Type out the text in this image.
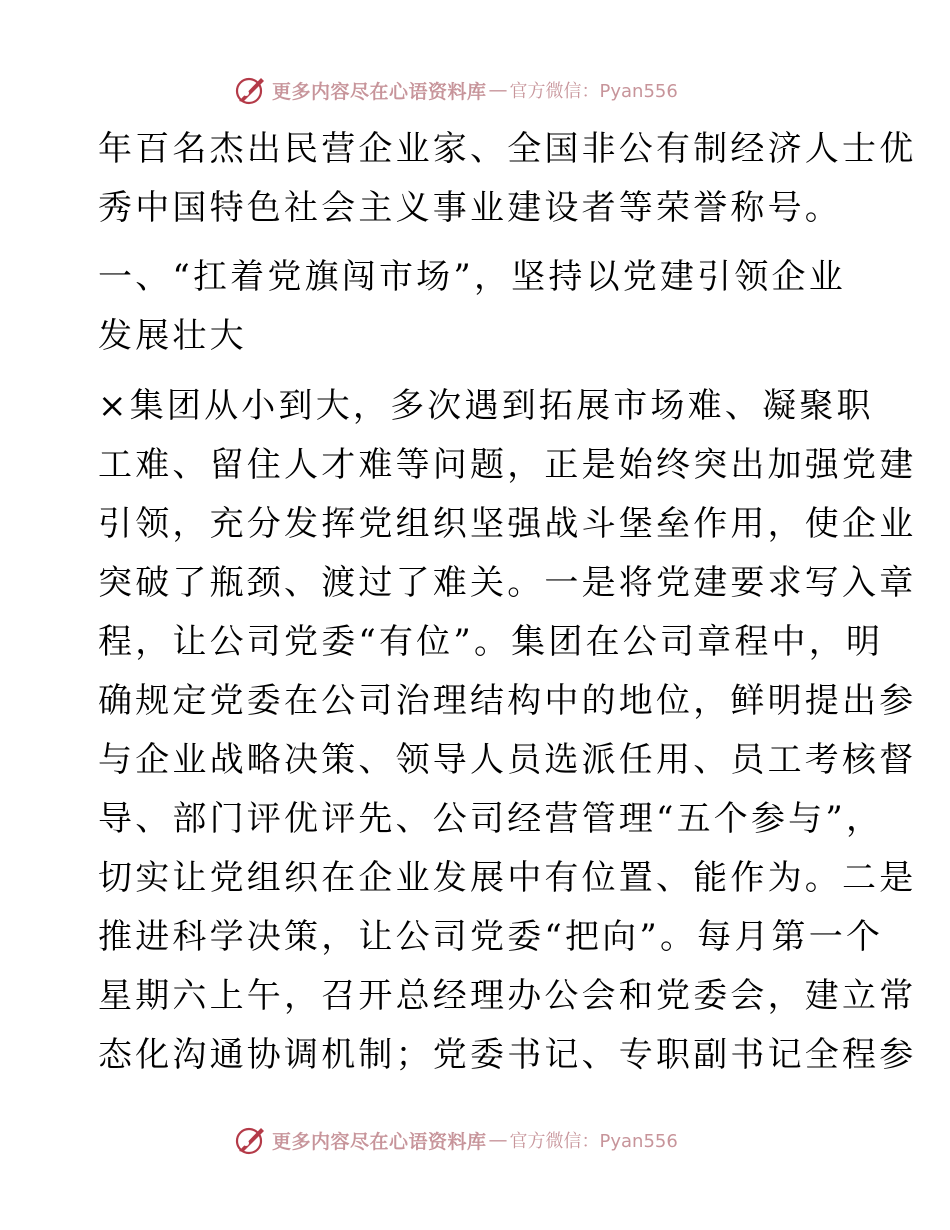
更多内容尽在心语资料库 — 官方微信：Pyan556

年百名杰出民营企业家、全国非公有制经济人士优
秀中国特色社会主义事业建设者等荣誉称号。

一、“扛着党旗闯市场”，坚持以党建引领企业
发展壮大

×集团从小到大，多次遇到拓展市场难、凝聚职
工难、留住人才难等问题，正是始终突出加强党建
引领，充分发挥党组织坚强战斗堡垒作用，使企业
突破了瓶颈、渡过了难关。一是将党建要求写入章
程，让公司党委“有位”。集团在公司章程中，明
确规定党委在公司治理结构中的地位，鲜明提出参
与企业战略决策、领导人员选派任用、员工考核督
导、部门评优评先、公司经营管理“五个参与”，
切实让党组织在企业发展中有位置、能作为。二是
推进科学决策，让公司党委“把向”。每月第一个
星期六上午，召开总经理办公会和党委会，建立常
态化沟通协调机制；党委书记、专职副书记全程参

更多内容尽在心语资料库 — 官方微信：Pyan556
